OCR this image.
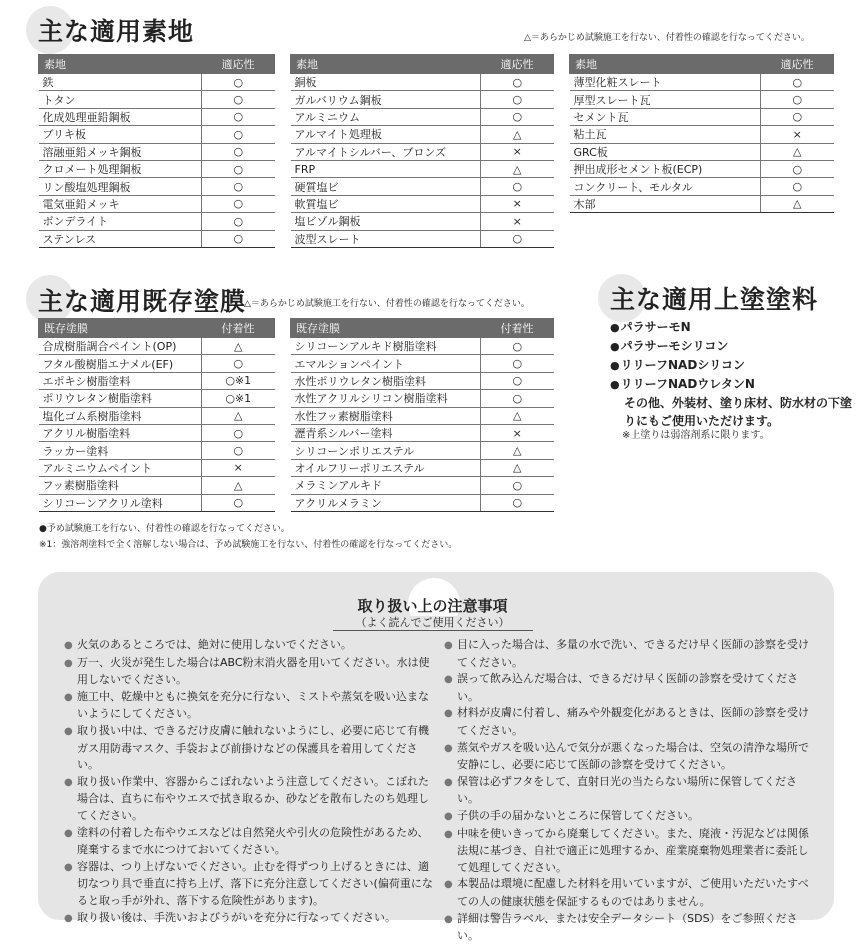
主な適用素地	△＝あらかじめ試験施工を行ない、付着性の確認を行なってください。
素地	適応性
鉄	○
トタン	○
化成処理亜鉛鋼板	○
ブリキ板	○
溶融亜鉛メッキ鋼板	○
クロメート処理鋼板	○
リン酸塩処理鋼板	○
電気亜鉛メッキ	○
ボンデライト	○
ステンレス	○
素地	適応性
銅板	○
ガルバリウム鋼板	○
アルミニウム	○
アルマイト処理板	△
アルマイトシルバー、ブロンズ	×
FRP	△
硬質塩ビ	○
軟質塩ビ	×
塩ビゾル鋼板	×
波型スレート	○
素地	適応性
薄型化粧スレート	○
厚型スレート瓦	○
セメント瓦	○
粘土瓦	×
GRC板	△
押出成形セメント板(ECP)	○
コンクリート、モルタル	○
木部	△
主な適用既存塗膜
△＝あらかじめ試験施工を行ない、付着性の確認を行なってください。
既存塗膜	付着性
合成樹脂調合ペイント(OP)	△
フタル酸樹脂エナメル(EF)	○
エポキシ樹脂塗料	○※1
ポリウレタン樹脂塗料	○※1
塩化ゴム系樹脂塗料	△
アクリル樹脂塗料	○
ラッカー塗料	○
アルミニウムペイント	×
フッ素樹脂塗料	△
シリコーンアクリル塗料	○
既存塗膜	付着性
シリコーンアルキド樹脂塗料	○
エマルションペイント	○
水性ポリウレタン樹脂塗料	○
水性アクリルシリコン樹脂塗料	○
水性フッ素樹脂塗料	△
瀝青系シルバー塗料	×
シリコーンポリエステル	△
オイルフリーポリエステル	△
メラミンアルキド	○
アクリルメラミン	○
●予め試験施工を行ない、付着性の確認を行なってください。
※1：強溶剤塗料で全く溶解しない場合は、予め試験施工を行ない、付着性の確認を行なってください。
主な適用上塗塗料
● パラサーモN
● パラサーモシリコン
● リリーフNADシリコン
● リリーフNADウレタンN
その他、外装材、塗り床材、防水材の下塗りにもご使用いただけます。
※上塗りは弱溶剤系に限ります。
取り扱い上の注意事項
（よく読んでご使用ください）
● 火気のあるところでは、絶対に使用しないでください。
● 万一、火災が発生した場合はABC粉末消火器を用いてください。水は使用しないでください。
● 施工中、乾燥中ともに換気を充分に行ない、ミストや蒸気を吸い込まないようにしてください。
● 取り扱い中は、できるだけ皮膚に触れないようにし、必要に応じて有機ガス用防毒マスク、手袋および前掛けなどの保護具を着用してください。
● 取り扱い作業中、容器からこぼれないよう注意してください。こぼれた場合は、直ちに布やウエスで拭き取るか、砂などを散布したのち処理してください。
● 塗料の付着した布やウエスなどは自然発火や引火の危険性があるため、廃棄するまで水につけておいてください。
● 容器は、つり上げないでください。止むを得ずつり上げるときには、適切なつり具で垂直に持ち上げ、落下に充分注意してください(偏荷重になると取っ手が外れ、落下する危険性があります)。
● 取り扱い後は、手洗いおよびうがいを充分に行なってください。
● 目に入った場合は、多量の水で洗い、できるだけ早く医師の診察を受けてください。
● 誤って飲み込んだ場合は、できるだけ早く医師の診察を受けてください。
● 材料が皮膚に付着し、痛みや外観変化があるときは、医師の診察を受けてください。
● 蒸気やガスを吸い込んで気分が悪くなった場合は、空気の清浄な場所で安静にし、必要に応じて医師の診察を受けてください。
● 保管は必ずフタをして、直射日光の当たらない場所に保管してください。
● 子供の手の届かないところに保管してください。
● 中味を使いきってから廃棄してください。また、廃液・汚泥などは関係法規に基づき、自社で適正に処理するか、産業廃棄物処理業者に委託して処理してください。
● 本製品は環境に配慮した材料を用いていますが、ご使用いただいたすべての人の健康状態を保証するものではありません。
● 詳細は警告ラベル、または安全データシート（SDS）をご参照ください。
